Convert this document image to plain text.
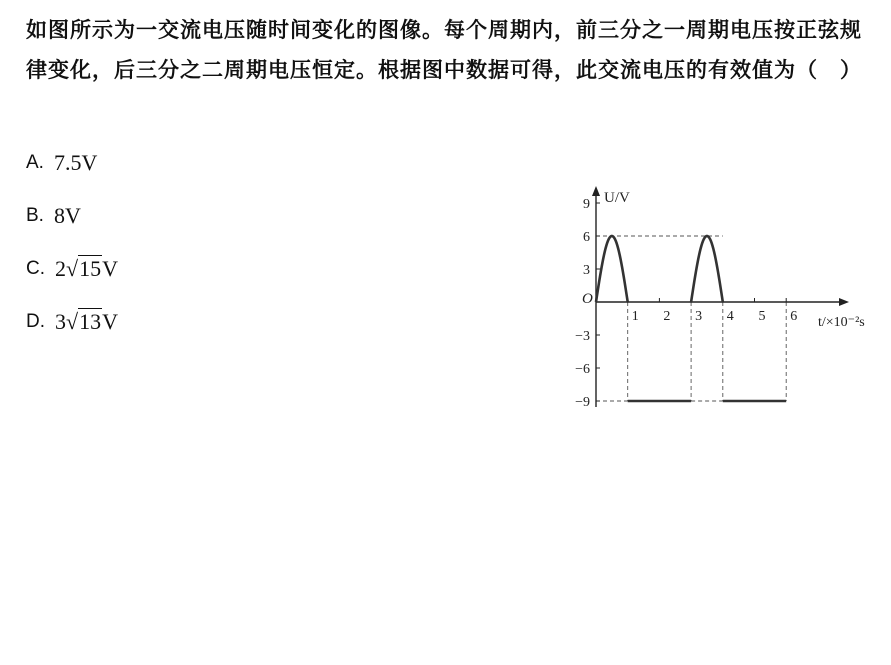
如图所示为一交流电压随时间变化的图像。每个周期内，前三分之一周期电压按正弦规律变化，后三分之二周期电压恒定。根据图中数据可得，此交流电压的有效值为（　）
A. 7.5V
B. 8V
C. 2√15V
D. 3√13V
9
6
3
−3
−6
−9
1 2 3 4 5 6
O
U/V
t/×10⁻²s
